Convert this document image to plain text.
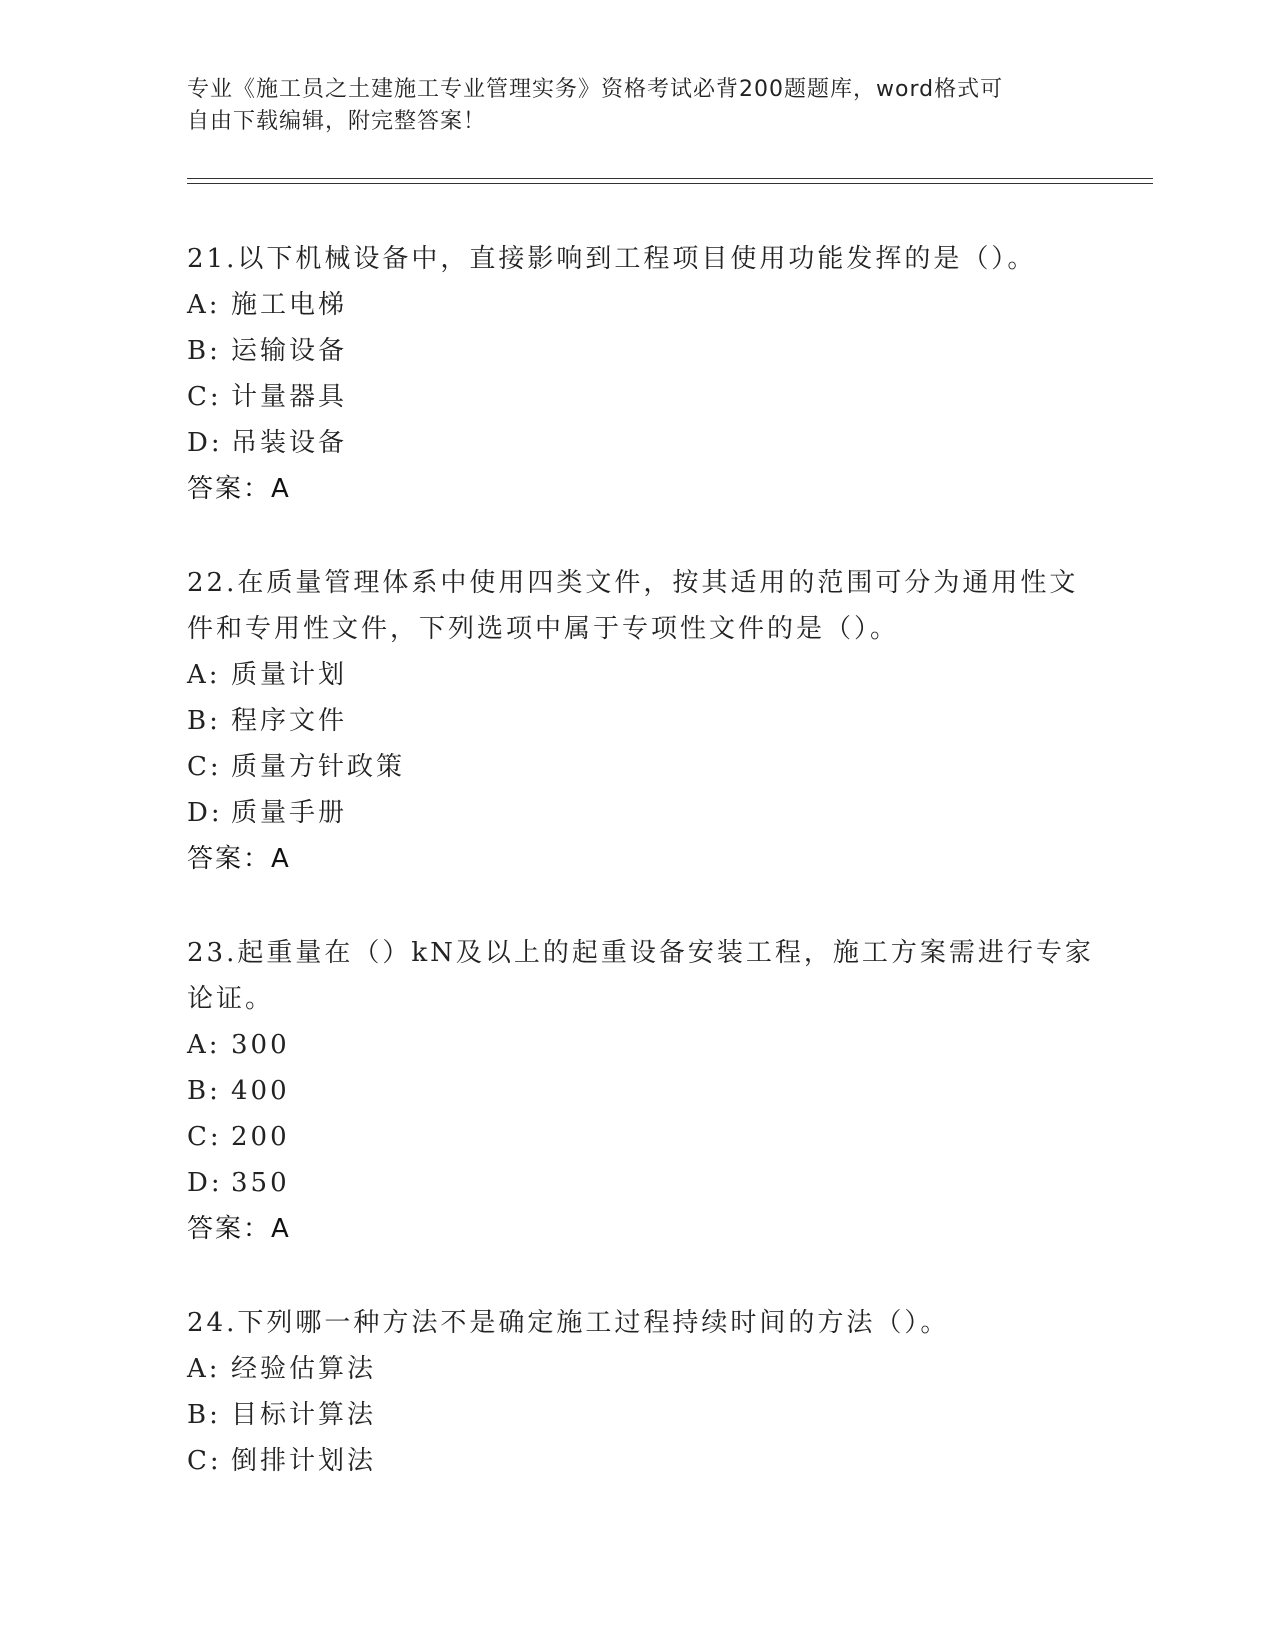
专业《施工员之土建施工专业管理实务》资格考试必背200题题库，word格式可
自由下载编辑，附完整答案！
21.以下机械设备中，直接影响到工程项目使用功能发挥的是（）。
A: 施工电梯
B: 运输设备
C: 计量器具
D: 吊装设备
答案：A
22.在质量管理体系中使用四类文件，按其适用的范围可分为通用性文
件和专用性文件，下列选项中属于专项性文件的是（）。
A: 质量计划
B: 程序文件
C: 质量方针政策
D: 质量手册
答案：A
23.起重量在（）kN及以上的起重设备安装工程，施工方案需进行专家
论证。
A: 300
B: 400
C: 200
D: 350
答案：A
24.下列哪一种方法不是确定施工过程持续时间的方法（）。
A: 经验估算法
B: 目标计算法
C: 倒排计划法
